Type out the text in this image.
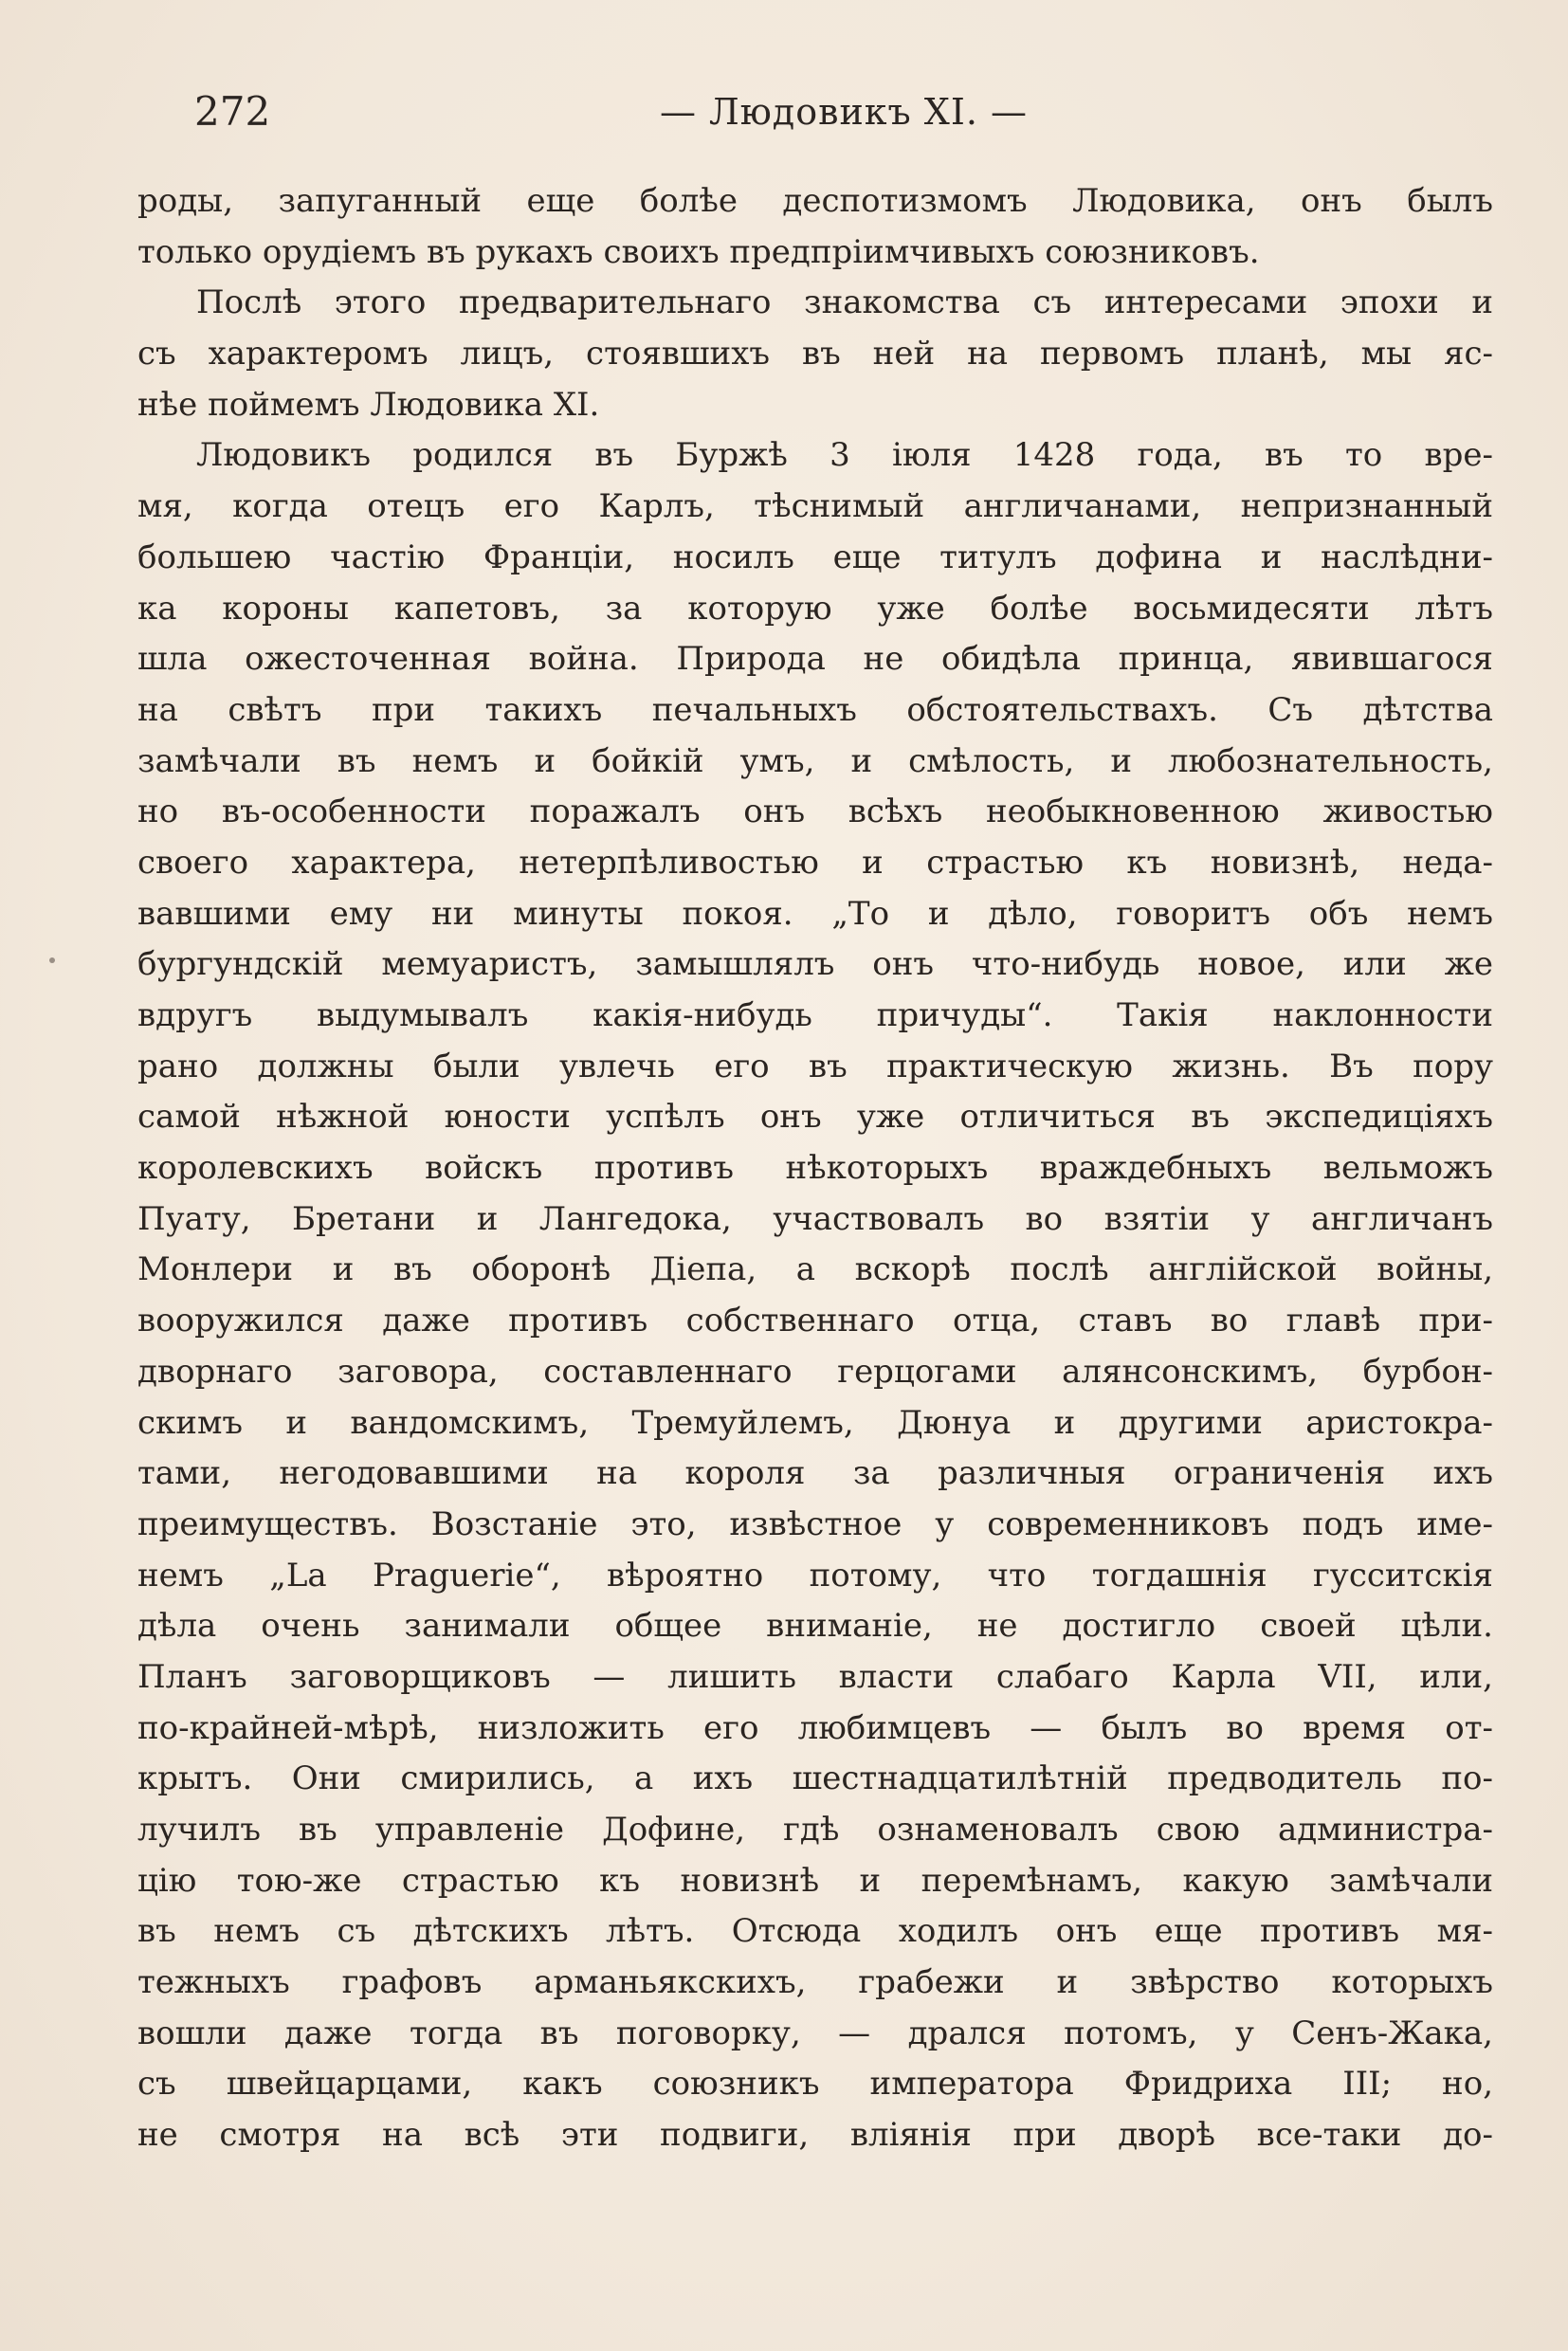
272	— Людовикъ XI. —
роды, запуганный еще болѣе деспотизмомъ Людовика, онъ былъ
только орудiемъ въ рукахъ своихъ предпрiимчивыхъ союзниковъ.
Послѣ этого предварительнаго знакомства съ интересами эпохи и
съ характеромъ лицъ, стоявшихъ въ ней на первомъ планѣ, мы яс-
нѣе поймемъ Людовика XI.
Людовикъ родился въ Буржѣ 3 iюля 1428 года, въ то вре-
мя, когда отецъ его Карлъ, тѣснимый англичанами, непризнанный
большею частiю Францiи, носилъ еще титулъ дофина и наслѣдни-
ка короны капетовъ, за которую уже болѣе восьмидесяти лѣтъ
шла ожесточенная война. Природа не обидѣла принца, явившагося
на свѣтъ при такихъ печальныхъ обстоятельствахъ. Съ дѣтства
замѣчали въ немъ и бойкiй умъ, и смѣлость, и любознательность,
но въ-особенности поражалъ онъ всѣхъ необыкновенною живостью
своего характера, нетерпѣливостью и страстью къ новизнѣ, неда-
вавшими ему ни минуты покоя. „То и дѣло, говоритъ объ немъ
бургундскiй мемуаристъ, замышлялъ онъ что-нибудь новое, или же
вдругъ выдумывалъ какiя-нибудь причуды“. Такiя наклонности
рано должны были увлечь его въ практическую жизнь. Въ пору
самой нѣжной юности успѣлъ онъ уже отличиться въ экспедицiяхъ
королевскихъ войскъ противъ нѣкоторыхъ враждебныхъ вельможъ
Пуату, Бретани и Лангедока, участвовалъ во взятiи у англичанъ
Монлери и въ оборонѣ Дiепа, а вскорѣ послѣ англiйской войны,
вооружился даже противъ собственнаго отца, ставъ во главѣ при-
дворнаго заговора, составленнаго герцогами алянсонскимъ, бурбон-
скимъ и вандомскимъ, Тремуйлемъ, Дюнуа и другими аристокра-
тами, негодовавшими на короля за различныя ограниченiя ихъ
преимуществъ. Возстанiе это, извѣстное у современниковъ подъ име-
немъ „La Praguerie“, вѣроятно потому, что тогдашнiя гусситскiя
дѣла очень занимали общее вниманiе, не достигло своей цѣли.
Планъ заговорщиковъ — лишить власти слабаго Карла VII, или,
по-крайней-мѣрѣ, низложить его любимцевъ — былъ во время от-
крытъ. Они смирились, а ихъ шестнадцатилѣтнiй предводитель по-
лучилъ въ управленiе Дофине, гдѣ ознаменовалъ свою администра-
цiю тою-же страстью къ новизнѣ и перемѣнамъ, какую замѣчали
въ немъ съ дѣтскихъ лѣтъ. Отсюда ходилъ онъ еще противъ мя-
тежныхъ графовъ арманьякскихъ, грабежи и звѣрство которыхъ
вошли даже тогда въ поговорку, — дрался потомъ, у Сенъ-Жака,
съ швейцарцами, какъ союзникъ императора Фридриха III; но,
не смотря на всѣ эти подвиги, влiянiя при дворѣ все-таки до-
